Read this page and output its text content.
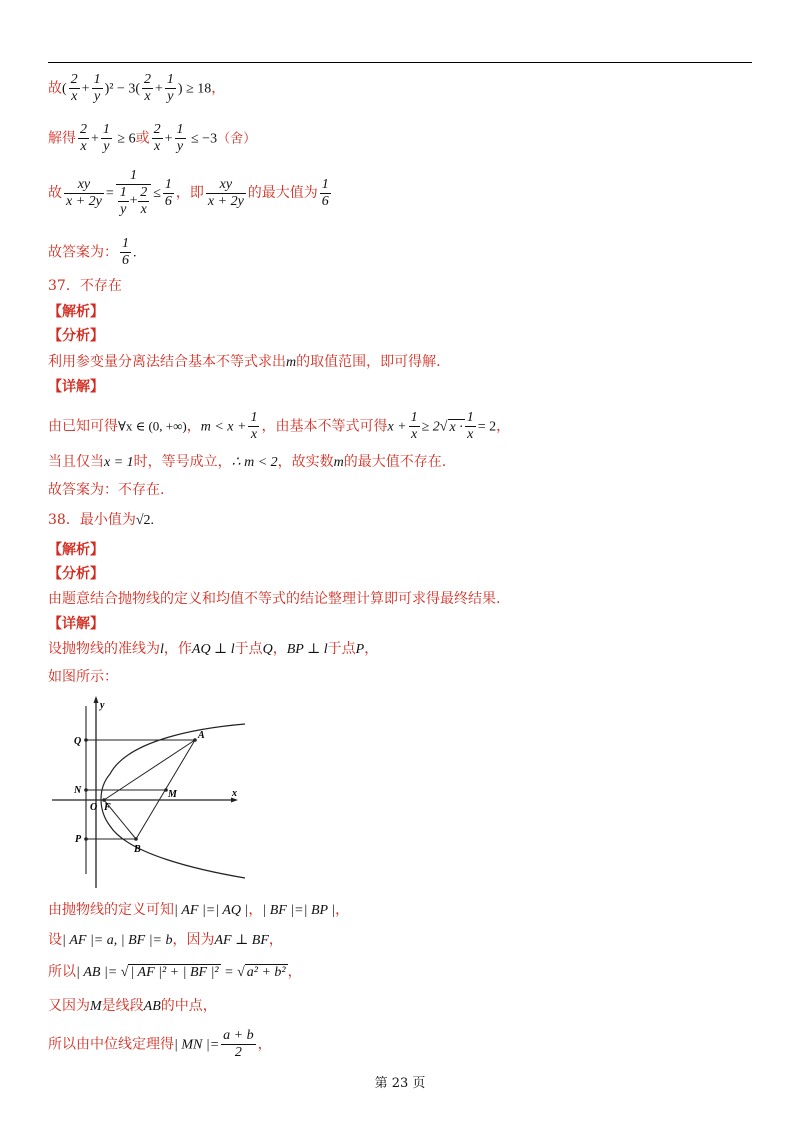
故( $\frac{2}{x} + \frac{1}{y} )^2 - 3( \frac{2}{x} + \frac{1}{y}$ ) ≥ 18，
解得 $\frac{2}{x} + \frac{1}{y} \ge 6$或 $\frac{2}{x} + \frac{1}{y} \le -3$（舍）
故 $\frac{xy}{x + 2y} = \frac{1}{\frac{1}{y} + \frac{2}{x}} \le \frac{1}{6}$ ，即 $\frac{xy}{x + 2y}$ 的最大值为 $\frac{1}{6}$
故答案为： $\frac{1}{6}$ .
37．不存在
【解析】
【分析】
利用参变量分离法结合基本不等式求出m的取值范围，即可得解.
【详解】
由已知可得∀x ∈ (0, +∞)，$m < x + \frac{1}{x}$ ，由基本不等式可得$x + \frac{1}{x} \ge 2√$ $x \cdot \frac{1}{x} = 2$，
当且仅当x = 1时，等号成立，∴ m < 2，故实数m的最大值不存在.
故答案为：不存在.
38．最小值为√2.
【解析】
【分析】
由题意结合抛物线的定义和均值不等式的结论整理计算即可求得最终结果.
【详解】
设抛物线的准线为l，作AQ ⊥ l于点Q，BP ⊥ l于点P，
如图所示：
y
x
Q
N
P
O F
A
B
M
由抛物线的定义可知| AF |=| AQ |，| BF |=| BP |，
设| AF |= a, | BF |= b，因为AF ⊥ BF，
所以| AB |= √ | AF |² + | BF |² = √ a² + b² ，
又因为M是线段AB的中点，
所以由中位线定理得| MN |= $\frac{a + b}{2}$ ，
第 23 页
